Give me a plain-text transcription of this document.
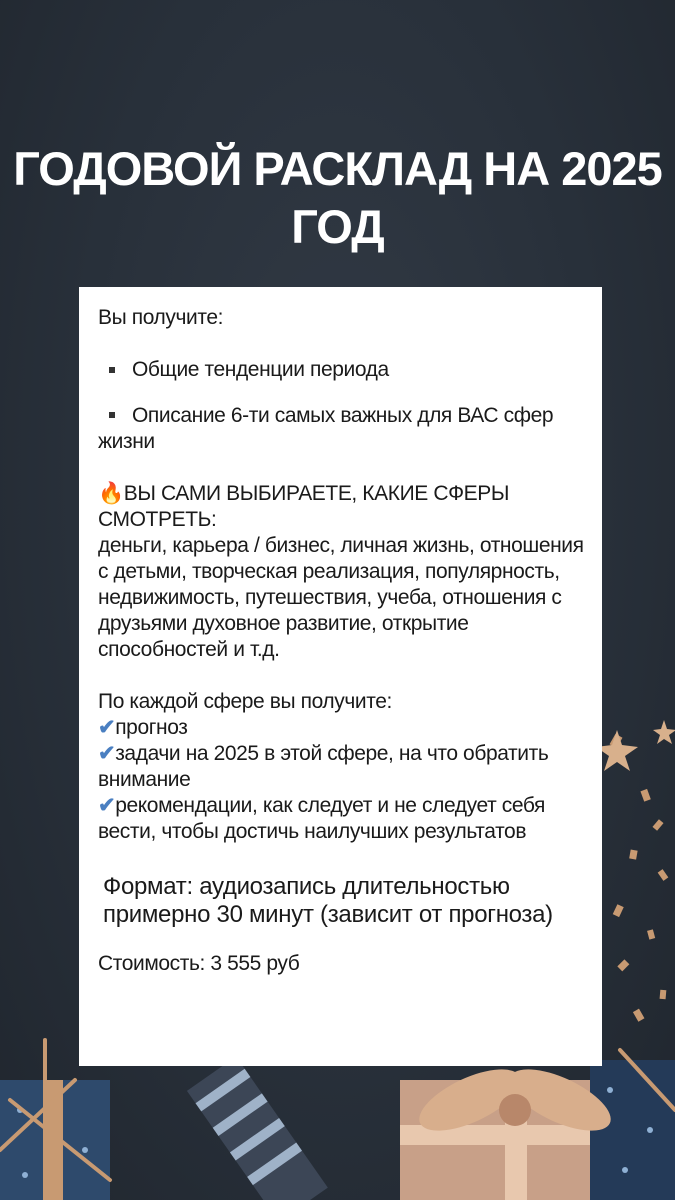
ГОДОВОЙ РАСКЛАД НА 2025 ГОД

Вы получите:

Общие тенденции периода

Описание 6-ти самых важных для ВАС сфер жизни

🔥ВЫ САМИ ВЫБИРАЕТЕ, КАКИЕ СФЕРЫ СМОТРЕТЬ:

деньги, карьера / бизнес, личная жизнь, отношения с детьми, творческая реализация, популярность, недвижимость, путешествия, учеба, отношения с друзьями духовное развитие, открытие способностей и т.д.

По каждой сфере вы получите:

✔прогноз

✔задачи на 2025 в этой сфере, на что обратить внимание

✔рекомендации, как следует и не следует себя вести, чтобы достичь наилучших результатов

Формат: аудиозапись длительностью примерно 30 минут (зависит от прогноза)

Стоимость: 3 555 руб
